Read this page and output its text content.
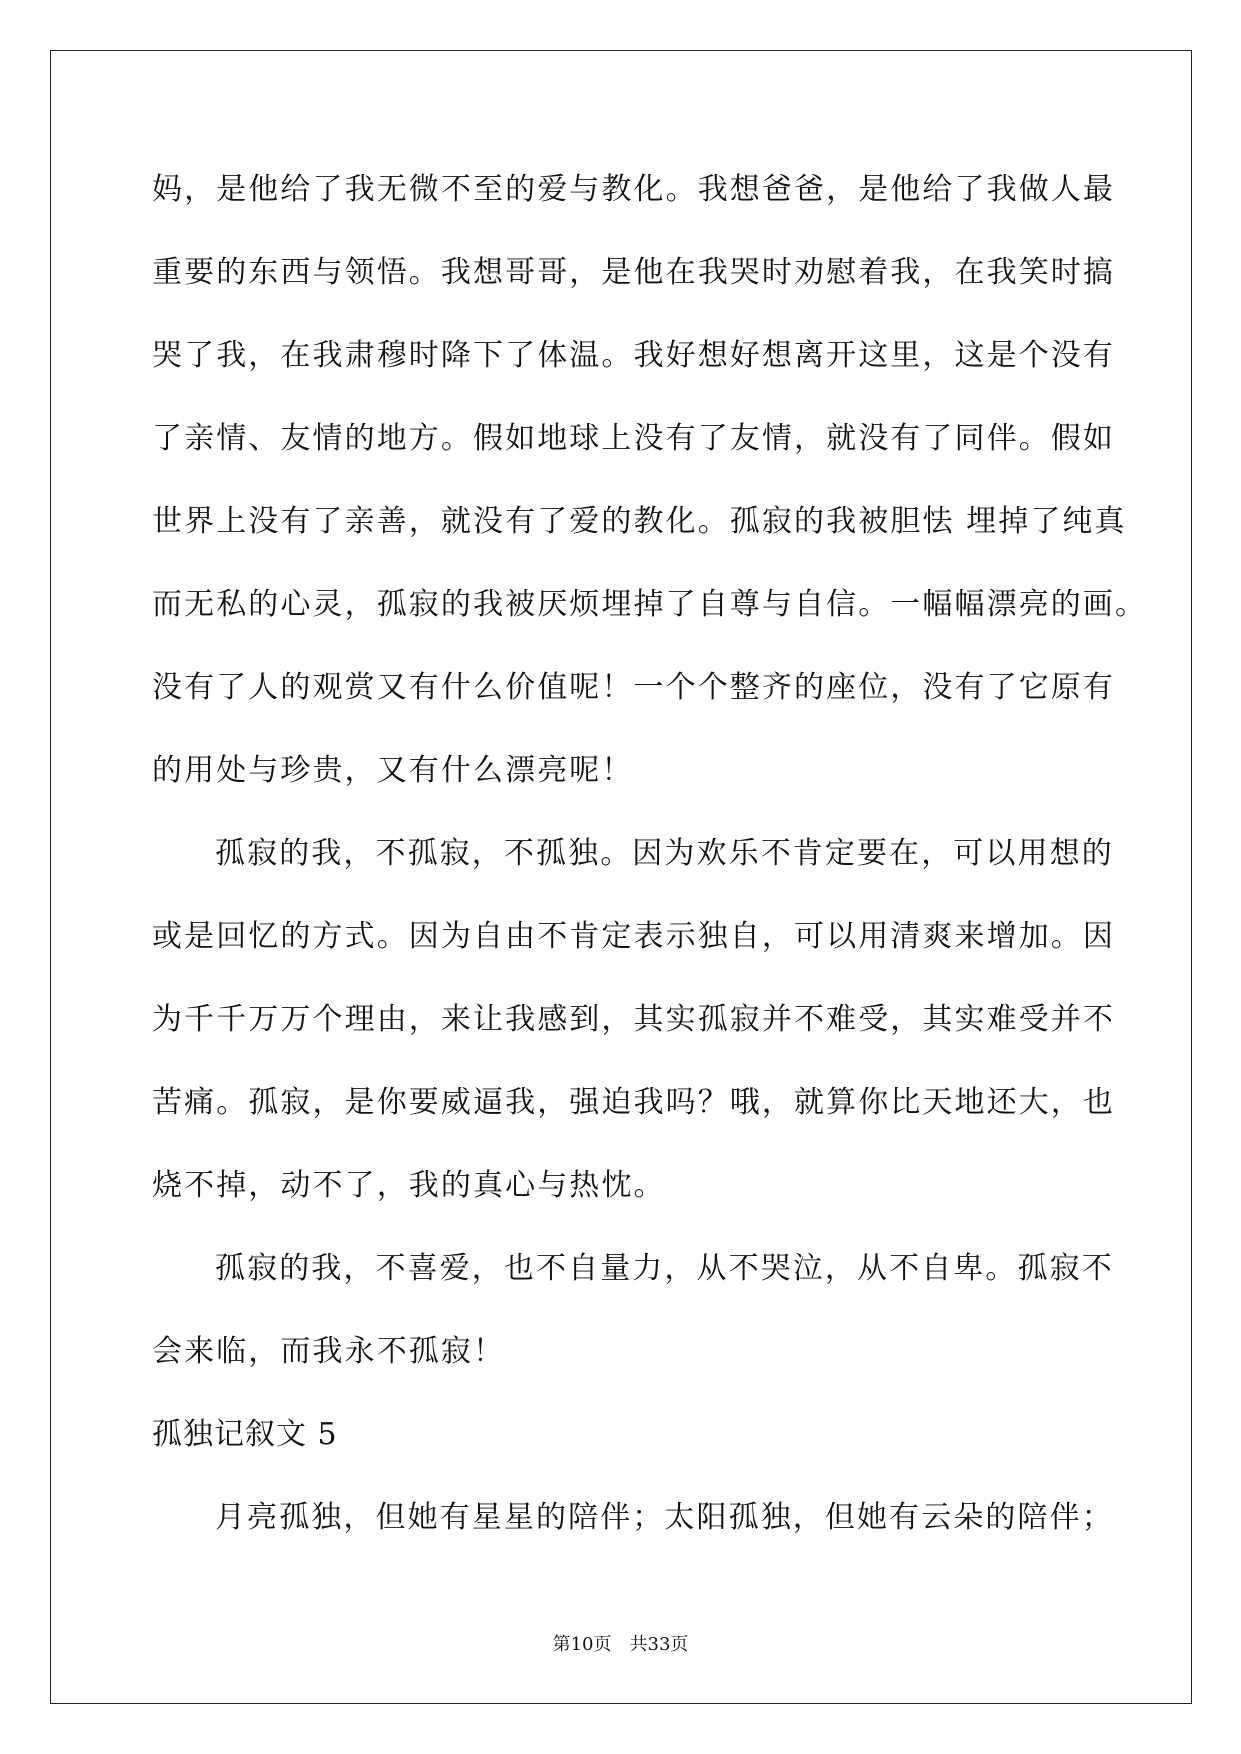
妈，是他给了我无微不至的爱与教化。我想爸爸，是他给了我做人最
重要的东西与领悟。我想哥哥，是他在我哭时劝慰着我，在我笑时搞
哭了我，在我肃穆时降下了体温。我好想好想离开这里，这是个没有
了亲情、友情的地方。假如地球上没有了友情，就没有了同伴。假如
世界上没有了亲善，就没有了爱的教化。孤寂的我被胆怯 埋掉了纯真
而无私的心灵，孤寂的我被厌烦埋掉了自尊与自信。一幅幅漂亮的画。
没有了人的观赏又有什么价值呢！一个个整齐的座位，没有了它原有
的用处与珍贵，又有什么漂亮呢！
孤寂的我，不孤寂，不孤独。因为欢乐不肯定要在，可以用想的
或是回忆的方式。因为自由不肯定表示独自，可以用清爽来增加。因
为千千万万个理由，来让我感到，其实孤寂并不难受，其实难受并不
苦痛。孤寂，是你要威逼我，强迫我吗？哦，就算你比天地还大，也
烧不掉，动不了，我的真心与热忱。
孤寂的我，不喜爱，也不自量力，从不哭泣，从不自卑。孤寂不
会来临，而我永不孤寂！
孤独记叙文 5
月亮孤独，但她有星星的陪伴；太阳孤独，但她有云朵的陪伴；
第10页　共33页
